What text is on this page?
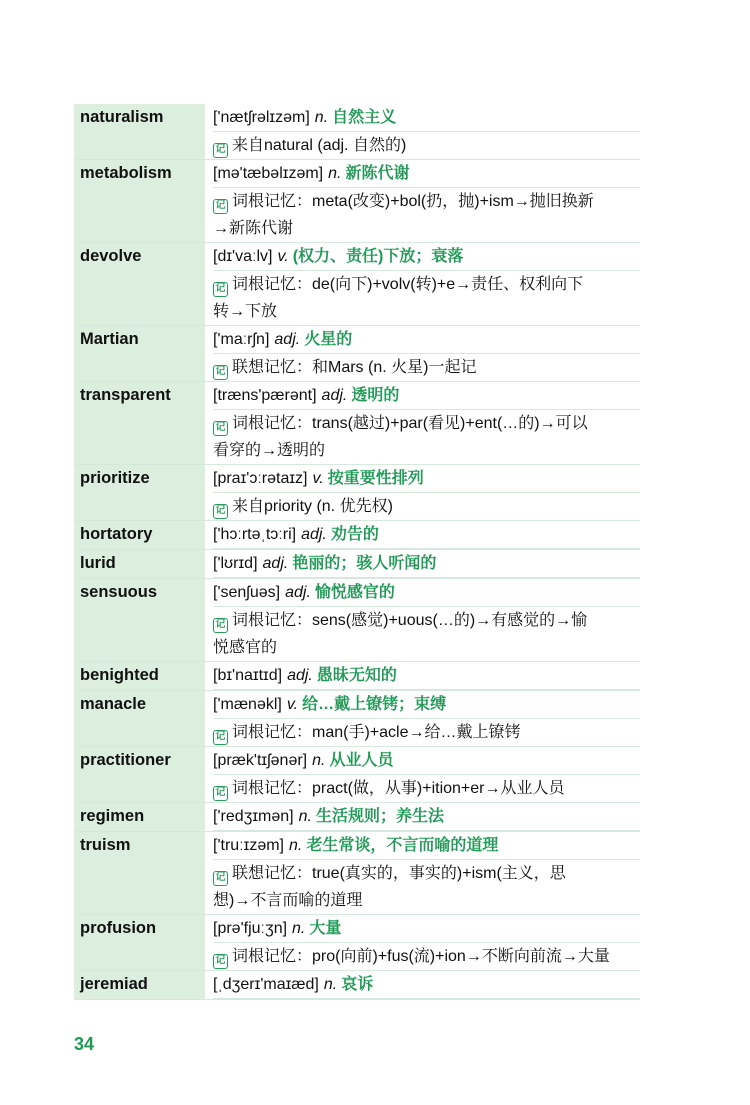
naturalism	['nætʃrəlɪzəm] n. 自然主义
记 来自natural (adj. 自然的)
metabolism	[mə'tæbəlɪzəm] n. 新陈代谢
记 词根记忆：meta(改变)+bol(扔，抛)+ism→抛旧换新
→新陈代谢
devolve	[dɪ'vaːlv] v. (权力、责任)下放；衰落
记 词根记忆：de(向下)+volv(转)+e→责任、权利向下
转→下放
Martian	['maːrʃn] adj. 火星的
记 联想记忆：和Mars (n. 火星)一起记
transparent	[træns'pærənt] adj. 透明的
记 词根记忆：trans(越过)+par(看见)+ent(…的)→可以
看穿的→透明的
prioritize	[praɪ'ɔːrətaɪz] v. 按重要性排列
记 来自priority (n. 优先权)
hortatory	['hɔːrtəˌtɔːri] adj. 劝告的
lurid	['lʊrɪd] adj. 艳丽的；骇人听闻的
sensuous	['senʃuəs] adj. 愉悦感官的
记 词根记忆：sens(感觉)+uous(…的)→有感觉的→愉
悦感官的
benighted	[bɪ'naɪtɪd] adj. 愚昧无知的
manacle	['mænəkl] v. 给…戴上镣铐；束缚
记 词根记忆：man(手)+acle→给…戴上镣铐
practitioner	[præk'tɪʃənər] n. 从业人员
记 词根记忆：pract(做，从事)+ition+er→从业人员
regimen	['redʒɪmən] n. 生活规则；养生法
truism	['truːɪzəm] n. 老生常谈，不言而喻的道理
记 联想记忆：true(真实的，事实的)+ism(主义，思
想)→不言而喻的道理
profusion	[prə'fjuːʒn] n. 大量
记 词根记忆：pro(向前)+fus(流)+ion→不断向前流→大量
jeremiad	[ˌdʒerɪ'maɪæd] n. 哀诉
34
